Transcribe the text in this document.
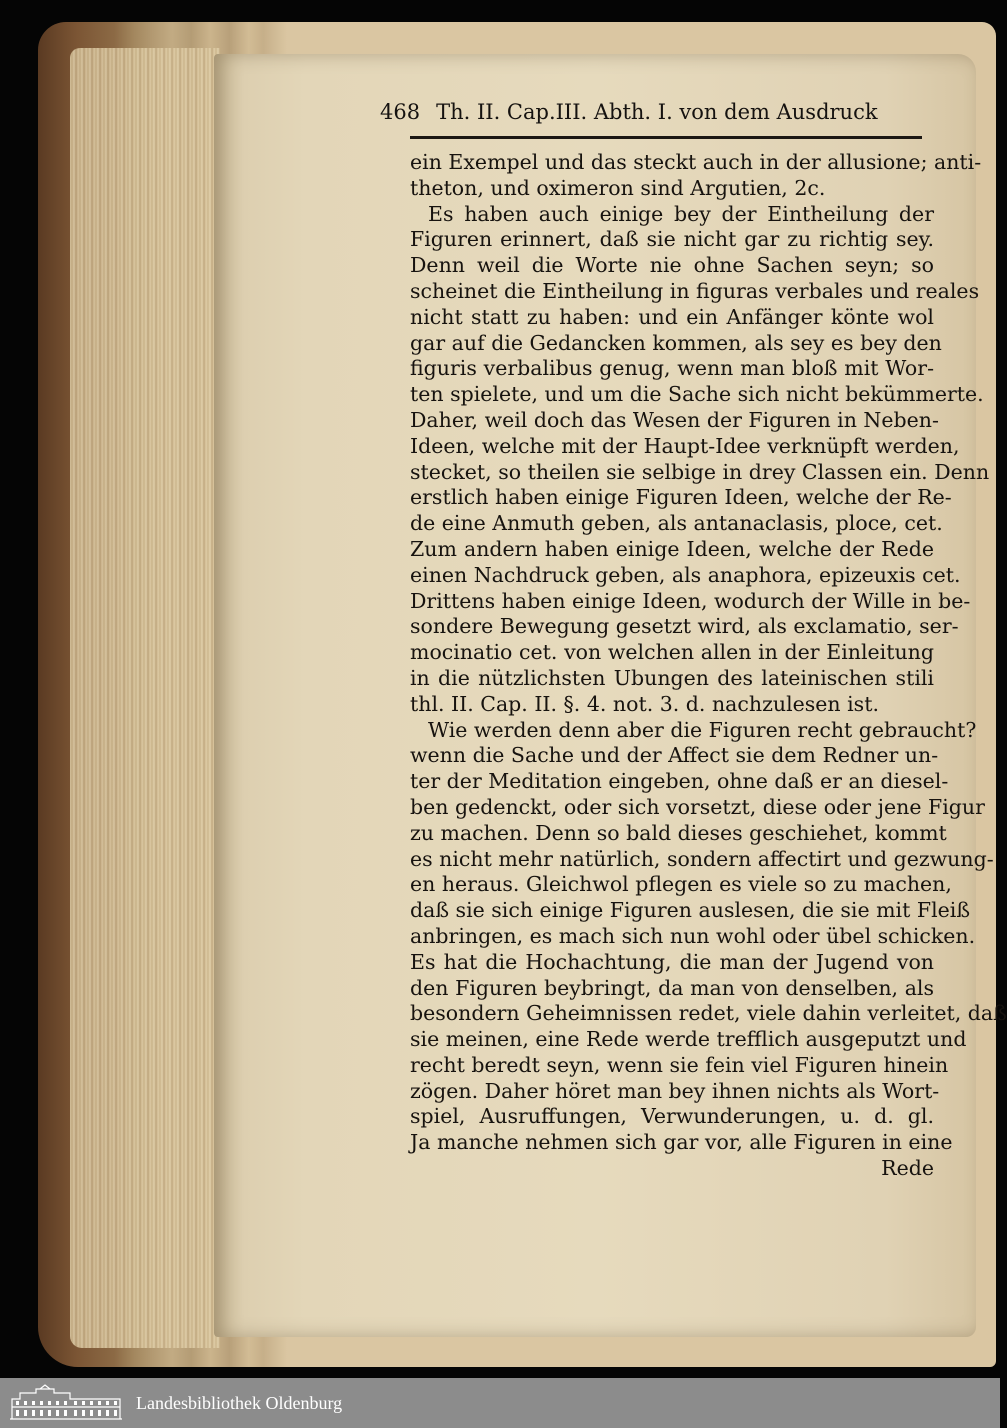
468 Th. II. Cap.III. Abth. I. von dem Ausdruck
ein Exempel und das steckt auch in der allusione; anti-
theton, und oximeron sind Argutien, 2c.
Es haben auch einige bey der Eintheilung der
Figuren erinnert, daß sie nicht gar zu richtig sey.
Denn weil die Worte nie ohne Sachen seyn; so
scheinet die Eintheilung in figuras verbales und reales
nicht statt zu haben: und ein Anfänger könte wol
gar auf die Gedancken kommen, als sey es bey den
figuris verbalibus genug, wenn man bloß mit Wor-
ten spielete, und um die Sache sich nicht bekümmerte.
Daher, weil doch das Wesen der Figuren in Neben-
Ideen, welche mit der Haupt-Idee verknüpft werden,
stecket, so theilen sie selbige in drey Classen ein. Denn
erstlich haben einige Figuren Ideen, welche der Re-
de eine Anmuth geben, als antanaclasis, ploce, cet.
Zum andern haben einige Ideen, welche der Rede
einen Nachdruck geben, als anaphora, epizeuxis cet.
Drittens haben einige Ideen, wodurch der Wille in be-
sondere Bewegung gesetzt wird, als exclamatio, ser-
mocinatio cet. von welchen allen in der Einleitung
in die nützlichsten Ubungen des lateinischen stili
thl. II. Cap. II. §. 4. not. 3. d. nachzulesen ist.
Wie werden denn aber die Figuren recht gebraucht?
wenn die Sache und der Affect sie dem Redner un-
ter der Meditation eingeben, ohne daß er an diesel-
ben gedenckt, oder sich vorsetzt, diese oder jene Figur
zu machen. Denn so bald dieses geschiehet, kommt
es nicht mehr natürlich, sondern affectirt und gezwung-
en heraus. Gleichwol pflegen es viele so zu machen,
daß sie sich einige Figuren auslesen, die sie mit Fleiß
anbringen, es mach sich nun wohl oder übel schicken.
Es hat die Hochachtung, die man der Jugend von
den Figuren beybringt, da man von denselben, als
besondern Geheimnissen redet, viele dahin verleitet, daß
sie meinen, eine Rede werde trefflich ausgeputzt und
recht beredt seyn, wenn sie fein viel Figuren hinein
zögen. Daher höret man bey ihnen nichts als Wort-
spiel, Ausruffungen, Verwunderungen, u. d. gl.
Ja manche nehmen sich gar vor, alle Figuren in eine
Rede
Landesbibliothek Oldenburg
